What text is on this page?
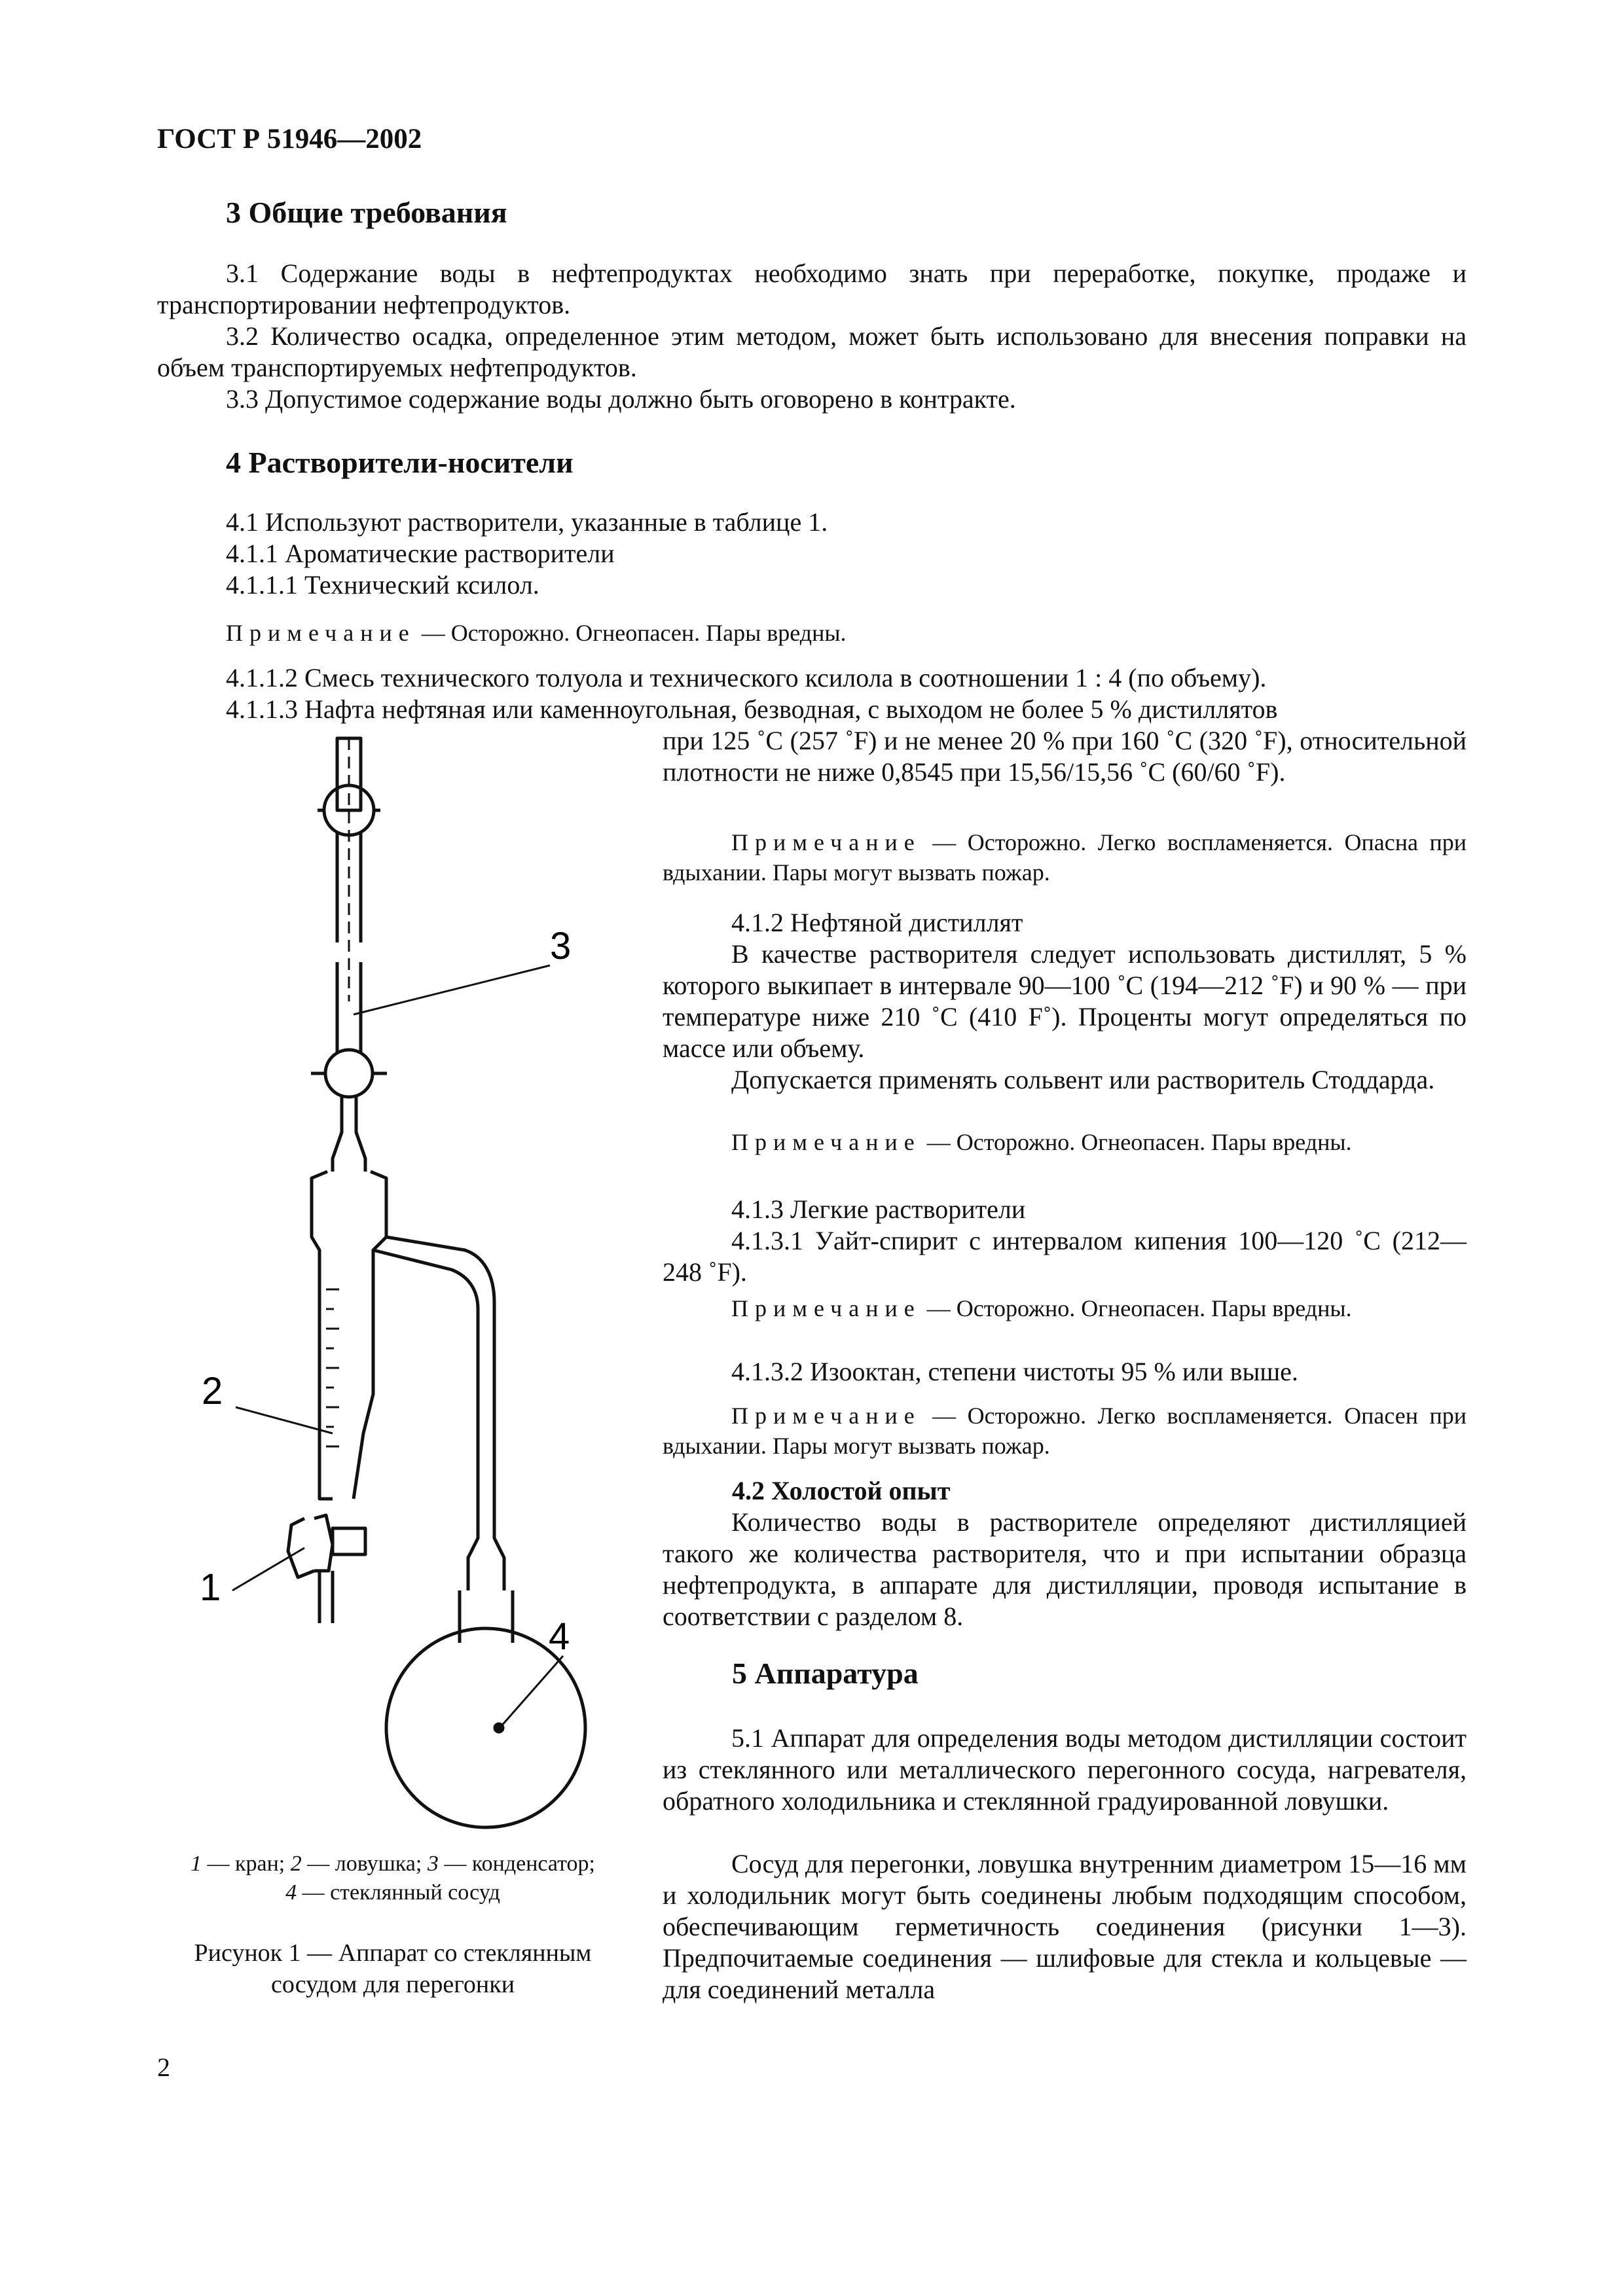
ГОСТ Р 51946—2002
3 Общие требования
3.1 Содержание воды в нефтепродуктах необходимо знать при переработке, покупке, продаже и транспортировании нефтепродуктов.
3.2 Количество осадка, определенное этим методом, может быть использовано для внесения поправки на объем транспортируемых нефтепродуктов.
3.3 Допустимое содержание воды должно быть оговорено в контракте.
4 Растворители-носители
4.1 Используют растворители, указанные в таблице 1.
4.1.1 Ароматические растворители
4.1.1.1 Технический ксилол.
Примечание — Осторожно. Огнеопасен. Пары вредны.
4.1.1.2 Смесь технического толуола и технического ксилола в соотношении 1 : 4 (по объему).
4.1.1.3 Нафта нефтяная или каменноугольная, безводная, с выходом не более 5 % дистиллятов
при 125 ˚C (257 ˚F) и не менее 20 % при 160 ˚C (320 ˚F), относительной плотности не ниже 0,8545 при 15,56/15,56 ˚C (60/60 ˚F).
Примечание — Осторожно. Легко воспламеняется. Опасна при вдыхании. Пары могут вызвать пожар.
4.1.2 Нефтяной дистиллят
В качестве растворителя следует использовать дистиллят, 5 % которого выкипает в интервале 90—100 ˚C (194—212 ˚F) и 90 % — при температуре ниже 210 ˚C (410 F˚). Проценты могут определяться по массе или объему.
Допускается применять сольвент или растворитель Стоддарда.
Примечание — Осторожно. Огнеопасен. Пары вредны.
4.1.3 Легкие растворители
4.1.3.1 Уайт-спирит с интервалом кипения 100—120 ˚C (212—248 ˚F).
Примечание — Осторожно. Огнеопасен. Пары вредны.
4.1.3.2 Изооктан, степени чистоты 95 % или выше.
Примечание — Осторожно. Легко воспламеняется. Опасен при вдыхании. Пары могут вызвать пожар.
4.2 Холостой опыт
Количество воды в растворителе определяют дистилляцией такого же количества растворителя, что и при испытании образца нефтепродукта, в аппарате для дистилляции, проводя испытание в соответствии с разделом 8.
5 Аппаратура
5.1 Аппарат для определения воды методом дистилляции состоит из стеклянного или металлического перегонного сосуда, нагревателя, обратного холодильника и стеклянной градуированной ловушки.
Сосуд для перегонки, ловушка внутренним диаметром 15—16 мм и холодильник могут быть соединены любым подходящим способом, обеспечивающим герметичность соединения (рисунки 1—3). Предпочитаемые соединения — шлифовые для стекла и кольцевые — для соединений металла
3
2
1
4
1 — кран; 2 — ловушка; 3 — конденсатор;
4 — стеклянный сосуд
Рисунок 1 — Аппарат со стеклянным сосудом для перегонки
2
